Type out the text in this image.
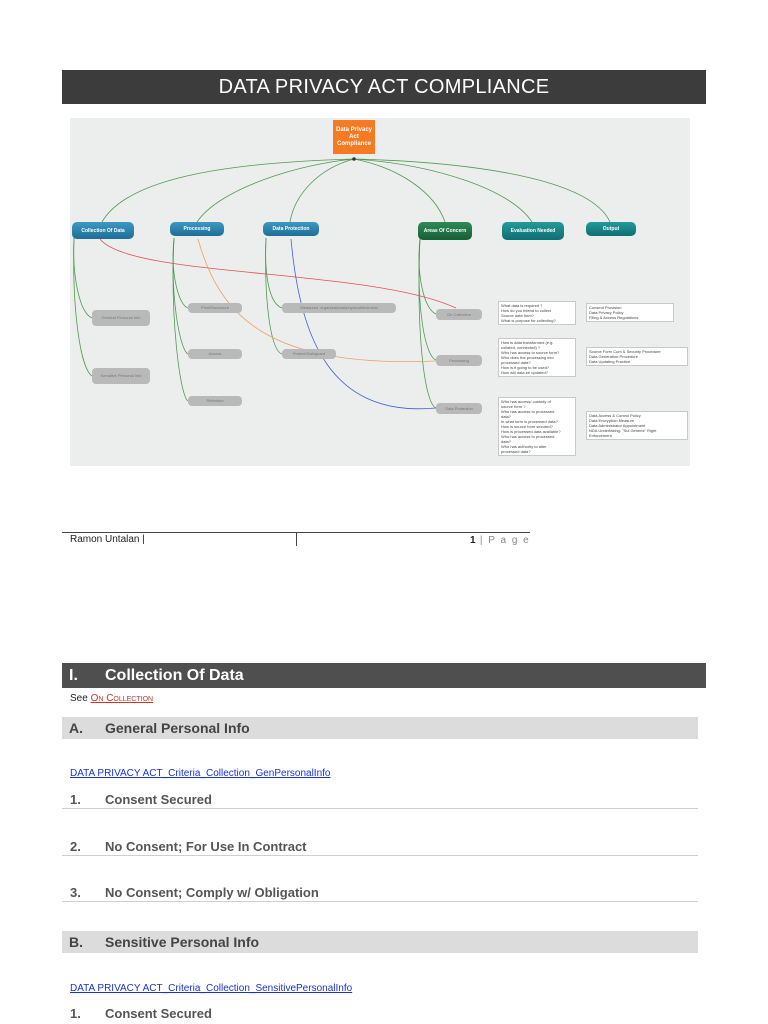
DATA PRIVACY ACT COMPLIANCE
Data Privacy Act Compliance
Collection Of Data	Processing	Data Protection	Areas Of Concern	Evaluation Needed	Output
General Personal Info
Sensitive Personal Info
Print/Disclosure
Access
Retention
Measures: organizational/physical/technical
Protect/Safeguard
On Collection
Processing
Data Protection
What data is required ?
How do you intend to collect
Source data form?
What is purpose for collecting?
How is data transformed (e.g.
collated, connected) ?
Who has access to source form?
Who does the processing into
processed data?
How is it going to be used?
How will data be updated?
Who has access/ custody of
source form ?
Who has access to processed
data?
In what form is processed data?
How is source form secured?
How is processed data available?
Who has access to processed
data?
Who has authority to alter
processed data?
Consent Provision
Data Privacy Policy
Filing & Access Regulations
Source Form Cum & Security Procedure
Data Generation Procedure
Data Updating Practice
Data Access & Control Policy
Data Encryption Measure
Data Administrator Appointment
NDA Undertaking: "Sui Generis" Right
Enforcement
Ramon Untalan |	1 | P a g e
I. Collection Of Data
See On Collection
A. General Personal Info
DATA PRIVACY ACT_Criteria_Collection_GenPersonalInfo
1. Consent Secured
2. No Consent; For Use In Contract
3. No Consent; Comply w/ Obligation
B. Sensitive Personal Info
DATA PRIVACY ACT_Criteria_Collection_SensitivePersonalInfo
1. Consent Secured
